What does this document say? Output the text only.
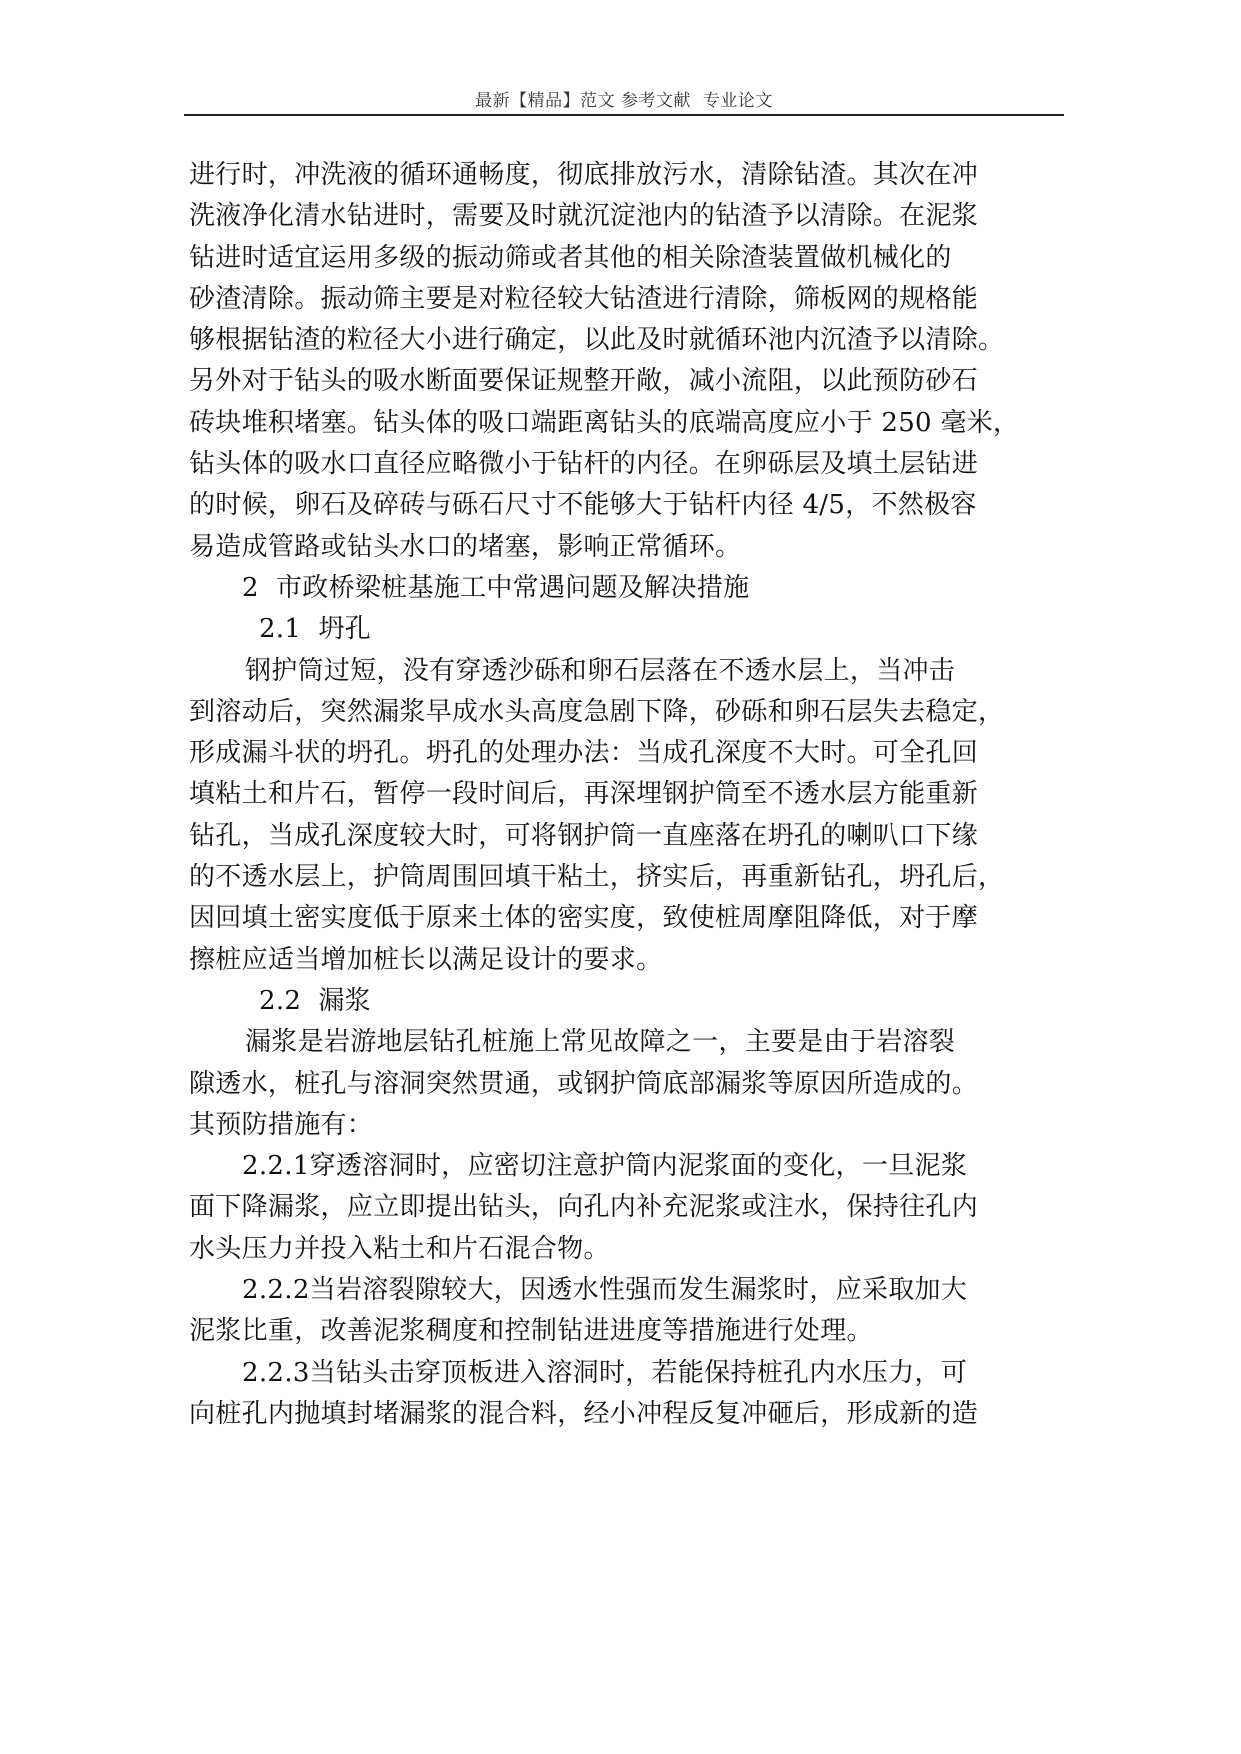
最新【精品】范文 参考文献  专业论文
进行时，冲洗液的循环通畅度，彻底排放污水，清除钻渣。其次在冲
洗液净化清水钻进时，需要及时就沉淀池内的钻渣予以清除。在泥浆
钻进时适宜运用多级的振动筛或者其他的相关除渣装置做机械化的
砂渣清除。振动筛主要是对粒径较大钻渣进行清除，筛板网的规格能
够根据钻渣的粒径大小进行确定，以此及时就循环池内沉渣予以清除。
另外对于钻头的吸水断面要保证规整开敞，减小流阻，以此预防砂石
砖块堆积堵塞。钻头体的吸口端距离钻头的底端高度应小于 250 毫米，
钻头体的吸水口直径应略微小于钻杆的内径。在卵砾层及填土层钻进
的时候，卵石及碎砖与砾石尺寸不能够大于钻杆内径 4/5，不然极容
易造成管路或钻头水口的堵塞，影响正常循环。
2  市政桥梁桩基施工中常遇问题及解决措施
2.1  坍孔
钢护筒过短，没有穿透沙砾和卵石层落在不透水层上，当冲击
到溶动后，突然漏浆早成水头高度急剧下降，砂砾和卵石层失去稳定，
形成漏斗状的坍孔。坍孔的处理办法：当成孔深度不大时。可全孔回
填粘土和片石，暂停一段时间后，再深埋钢护筒至不透水层方能重新
钻孔，当成孔深度较大时，可将钢护筒一直座落在坍孔的喇叭口下缘
的不透水层上，护筒周围回填干粘土，挤实后，再重新钻孔，坍孔后，
因回填土密实度低于原来土体的密实度，致使桩周摩阻降低，对于摩
擦桩应适当增加桩长以满足设计的要求。
2.2  漏浆
漏浆是岩游地层钻孔桩施上常见故障之一，主要是由于岩溶裂
隙透水，桩孔与溶洞突然贯通，或钢护筒底部漏浆等原因所造成的。
其预防措施有：
2.2.1穿透溶洞时，应密切注意护筒内泥浆面的变化，一旦泥浆
面下降漏浆，应立即提出钻头，向孔内补充泥浆或注水，保持往孔内
水头压力并投入粘土和片石混合物。
2.2.2当岩溶裂隙较大，因透水性强而发生漏浆时，应采取加大
泥浆比重，改善泥浆稠度和控制钻进进度等措施进行处理。
2.2.3当钻头击穿顶板进入溶洞时，若能保持桩孔内水压力，可
向桩孔内抛填封堵漏浆的混合料，经小冲程反复冲砸后，形成新的造
